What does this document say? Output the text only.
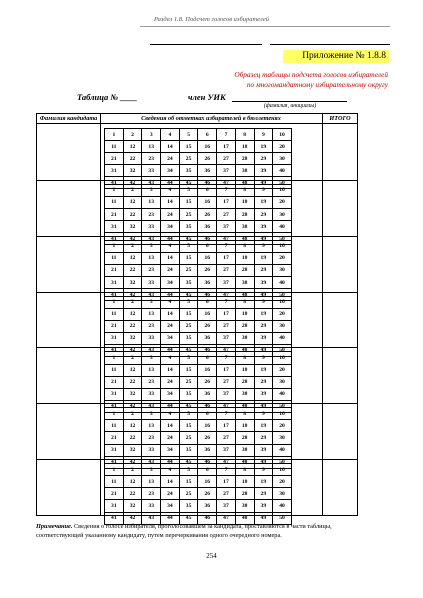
Раздел 1.8. Подсчет голосов избирателей
Приложение № 1.8.8
Образец таблицы подсчета голосов избирателей
по многомандатному избирательному округу
Таблица № ____	член УИК
(фамилия, инициалы)
Фамилия кандидата	Сведения об отметках избирателей в бюллетенях	ИТОГО
1	2	3	4	5	6	7	8	9	10
11	12	13	14	15	16	17	18	19	20
21	22	23	24	25	26	27	28	29	30
31	32	33	34	35	36	37	38	39	40
41	42	43	44	45	46	47	48	49	50
1	2	3	4	5	6	7	8	9	10
11	12	13	14	15	16	17	18	19	20
21	22	23	24	25	26	27	28	29	30
31	32	33	34	35	36	37	38	39	40
41	42	43	44	45	46	47	48	49	50
1	2	3	4	5	6	7	8	9	10
11	12	13	14	15	16	17	18	19	20
21	22	23	24	25	26	27	28	29	30
31	32	33	34	35	36	37	38	39	40
41	42	43	44	45	46	47	48	49	50
1	2	3	4	5	6	7	8	9	10
11	12	13	14	15	16	17	18	19	20
21	22	23	24	25	26	27	28	29	30
31	32	33	34	35	36	37	38	39	40
41	42	43	44	45	46	47	48	49	50
1	2	3	4	5	6	7	8	9	10
11	12	13	14	15	16	17	18	19	20
21	22	23	24	25	26	27	28	29	30
31	32	33	34	35	36	37	38	39	40
41	42	43	44	45	46	47	48	49	50
1	2	3	4	5	6	7	8	9	10
11	12	13	14	15	16	17	18	19	20
21	22	23	24	25	26	27	28	29	30
31	32	33	34	35	36	37	38	39	40
41	42	43	44	45	46	47	48	49	50
1	2	3	4	5	6	7	8	9	10
11	12	13	14	15	16	17	18	19	20
21	22	23	24	25	26	27	28	29	30
31	32	33	34	35	36	37	38	39	40
41	42	43	44	45	46	47	48	49	50
Примечание. Сведения о голосе избирателя, проголосовавшем за кандидата, проставляются в части таблицы, соответствующей указанному кандидату, путем перечеркивания одного очередного номера.
254
